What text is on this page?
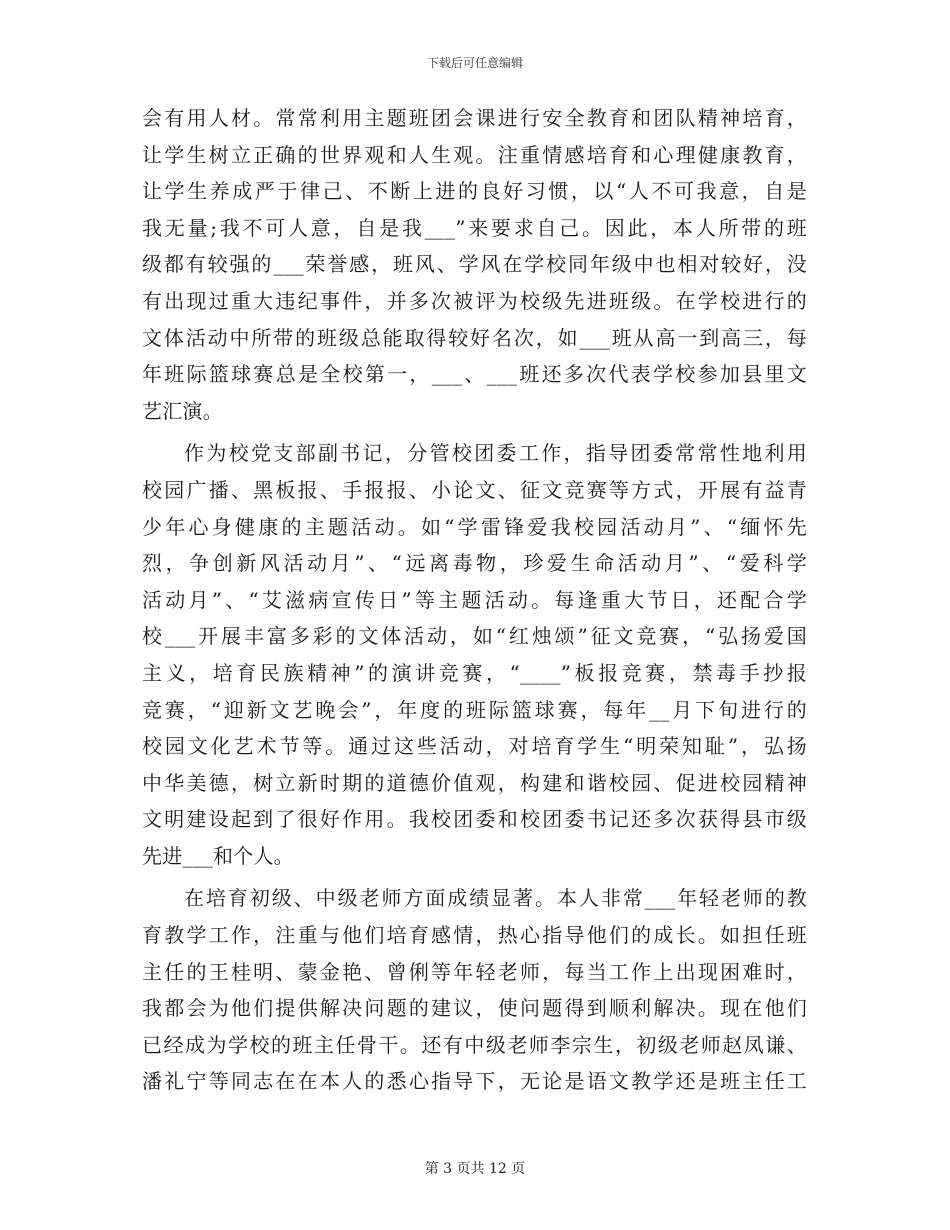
下载后可任意编辑

会有用人材。常常利用主题班团会课进行安全教育和团队精神培育，
让学生树立正确的世界观和人生观。注重情感培育和心理健康教育，
让学生养成严于律己、不断上进的良好习惯，以“人不可我意，自是
我无量;我不可人意，自是我___”来要求自己。因此，本人所带的班
级都有较强的___荣誉感，班风、学风在学校同年级中也相对较好，没
有出现过重大违纪事件，并多次被评为校级先进班级。在学校进行的
文体活动中所带的班级总能取得较好名次，如___班从高一到高三，每
年班际篮球赛总是全校第一，___、___班还多次代表学校参加县里文
艺汇演。

作为校党支部副书记，分管校团委工作，指导团委常常性地利用
校园广播、黑板报、手报报、小论文、征文竞赛等方式，开展有益青
少年心身健康的主题活动。如“学雷锋爱我校园活动月”、“缅怀先
烈，争创新风活动月”、“远离毒物，珍爱生命活动月”、“爱科学
活动月”、“艾滋病宣传日”等主题活动。每逢重大节日，还配合学
校___开展丰富多彩的文体活动，如“红烛颂”征文竞赛，“弘扬爱国
主义，培育民族精神”的演讲竞赛，“____”板报竞赛，禁毒手抄报
竞赛，“迎新文艺晚会”，年度的班际篮球赛，每年__月下旬进行的
校园文化艺术节等。通过这些活动，对培育学生“明荣知耻”，弘扬
中华美德，树立新时期的道德价值观，构建和谐校园、促进校园精神
文明建设起到了很好作用。我校团委和校团委书记还多次获得县市级
先进___和个人。

在培育初级、中级老师方面成绩显著。本人非常___年轻老师的教
育教学工作，注重与他们培育感情，热心指导他们的成长。如担任班
主任的王桂明、蒙金艳、曾俐等年轻老师，每当工作上出现困难时，
我都会为他们提供解决问题的建议，使问题得到顺利解决。现在他们
已经成为学校的班主任骨干。还有中级老师李宗生，初级老师赵凤谦、
潘礼宁等同志在在本人的悉心指导下，无论是语文教学还是班主任工

第 3 页共 12 页
